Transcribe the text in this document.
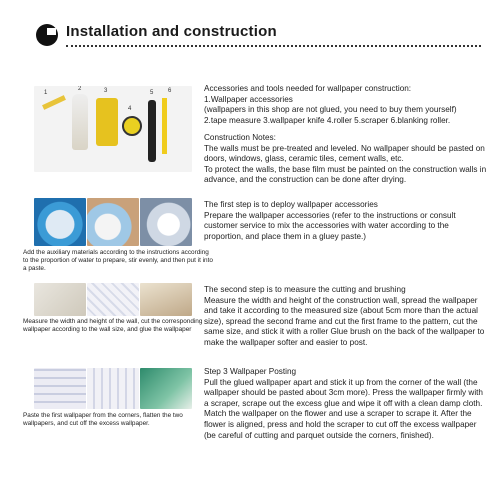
Installation and construction
1
2	3
4
5 6	Accessories and tools needed for wallpaper construction:
1.Wallpaper accessories
(wallpapers in this shop are not glued, you need to buy them yourself)
2.tape measure 3.wallpaper knife 4.roller 5.scraper 6.blanking roller.
Construction Notes:
The walls must be pre-treated and leveled. No wallpaper should be pasted on doors, windows, glass, ceramic tiles, cement walls, etc.
To protect the walls, the base film must be painted on the construction walls in advance, and the construction can be done after drying.
Add the auxiliary materials according to the instructions according to the proportion of water to prepare, stir evenly, and then put it into a paste.
The first step is to deploy wallpaper accessories
Prepare the wallpaper accessories (refer to the instructions or consult customer service to mix the accessories with water according to the proportion, and place them in a gluey paste.)
Measure the width and height of the wall, cut the corresponding wallpaper according to the wall size, and glue the wallpaper
The second step is to measure the cutting and brushing
Measure the width and height of the construction wall, spread the wallpaper and take it according to the measured size (about 5cm more than the actual size), spread the second frame and cut the first frame to the pattern, cut the same size, and stick it with a roller Glue brush on the back of the wallpaper to make the wallpaper softer and easier to post.
Paste the first wallpaper from the corners, flatten the two wallpapers, and cut off the excess wallpaper.
Step 3 Wallpaper Posting
Pull the glued wallpaper apart and stick it up from the corner of the wall (the wallpaper should be pasted about 3cm more). Press the wallpaper firmly with a scraper, scrape out the excess glue and wipe it off with a clean damp cloth. Match the wallpaper on the flower and use a scraper to scrape it. After the flower is aligned, press and hold the scraper to cut off the excess wallpaper (be careful of cutting and parquet outside the corners, finished).
